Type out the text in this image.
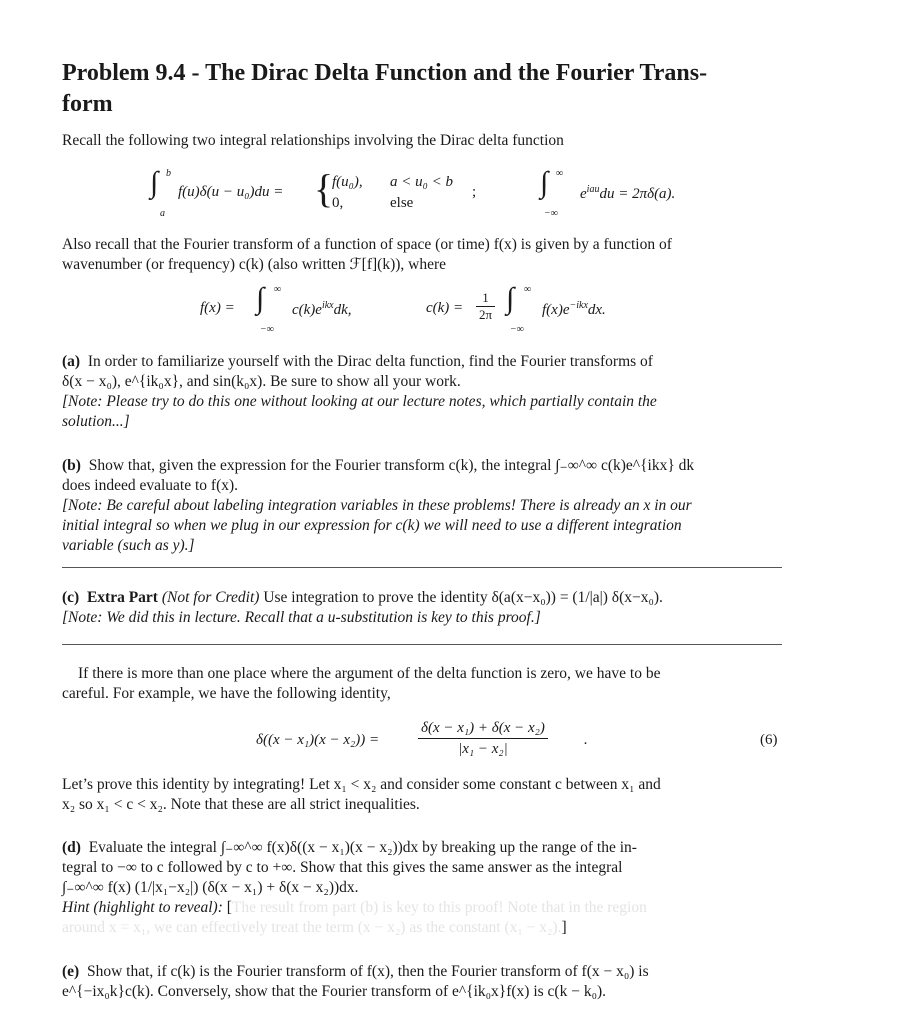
Problem 9.4 - The Dirac Delta Function and the Fourier Trans-
form
Recall the following two integral relationships involving the Dirac delta function
∫ b
a
f(u)δ(u − u₀)du = {
f(u₀), a < u₀ < b
0,	else
; ∫ ∞
−∞
$e^{iau}du = 2\pi\delta(a)$.
Also recall that the Fourier transform of a function of space (or time) f(x) is given by a function of
wavenumber (or frequency) c(k) (also written ℱ[f](k)), where
f(x) = ∫ ∞
−∞
$c(k)e^{ikx}dk$,	$c(k) = \frac{1}{2\pi}$ ∫ ∞
−∞
$f(x)e^{-ikx}dx$.
(a) In order to familiarize yourself with the Dirac delta function, find the Fourier transforms of
δ(x − x₀), e^{ik₀x}, and sin(k₀x). Be sure to show all your work.
[Note: Please try to do this one without looking at our lecture notes, which partially contain the
solution...]
(b) Show that, given the expression for the Fourier transform c(k), the integral ∫₋∞^∞ c(k)e^{ikx} dk
does indeed evaluate to f(x).
[Note: Be careful about labeling integration variables in these problems! There is already an x in our
initial integral so when we plug in our expression for c(k) we will need to use a different integration
variable (such as y).]
(c) Extra Part (Not for Credit) Use integration to prove the identity δ(a(x−x₀)) = (1/|a|) δ(x−x₀).
[Note: We did this in lecture. Recall that a u-substitution is key to this proof.]
If there is more than one place where the argument of the delta function is zero, we have to be
careful. For example, we have the following identity,
δ((x − x₁)(x − x₂)) =	$\frac{\text{δ(x − x₁) + δ(x − x₂)}}{\text{|x₁ − x₂|}}$ .	(6)
Let’s prove this identity by integrating! Let x₁ < x₂ and consider some constant c between x₁ and
x₂ so x₁ < c < x₂. Note that these are all strict inequalities.
(d) Evaluate the integral ∫₋∞^∞ f(x)δ((x − x₁)(x − x₂))dx by breaking up the range of the in-
tegral to −∞ to c followed by c to +∞. Show that this gives the same answer as the integral
∫₋∞^∞ f(x) (1/|x₁−x₂|) (δ(x − x₁) + δ(x − x₂))dx.
Hint (highlight to reveal): [The result from part (b) is key to this proof! Note that in the region
around x = x₁, we can effectively treat the term (x − x₂) as the constant (x₁ − x₂).]
(e) Show that, if c(k) is the Fourier transform of f(x), then the Fourier transform of f(x − x₀) is
e^{−ix₀k}c(k). Conversely, show that the Fourier transform of e^{ik₀x}f(x) is c(k − k₀).
